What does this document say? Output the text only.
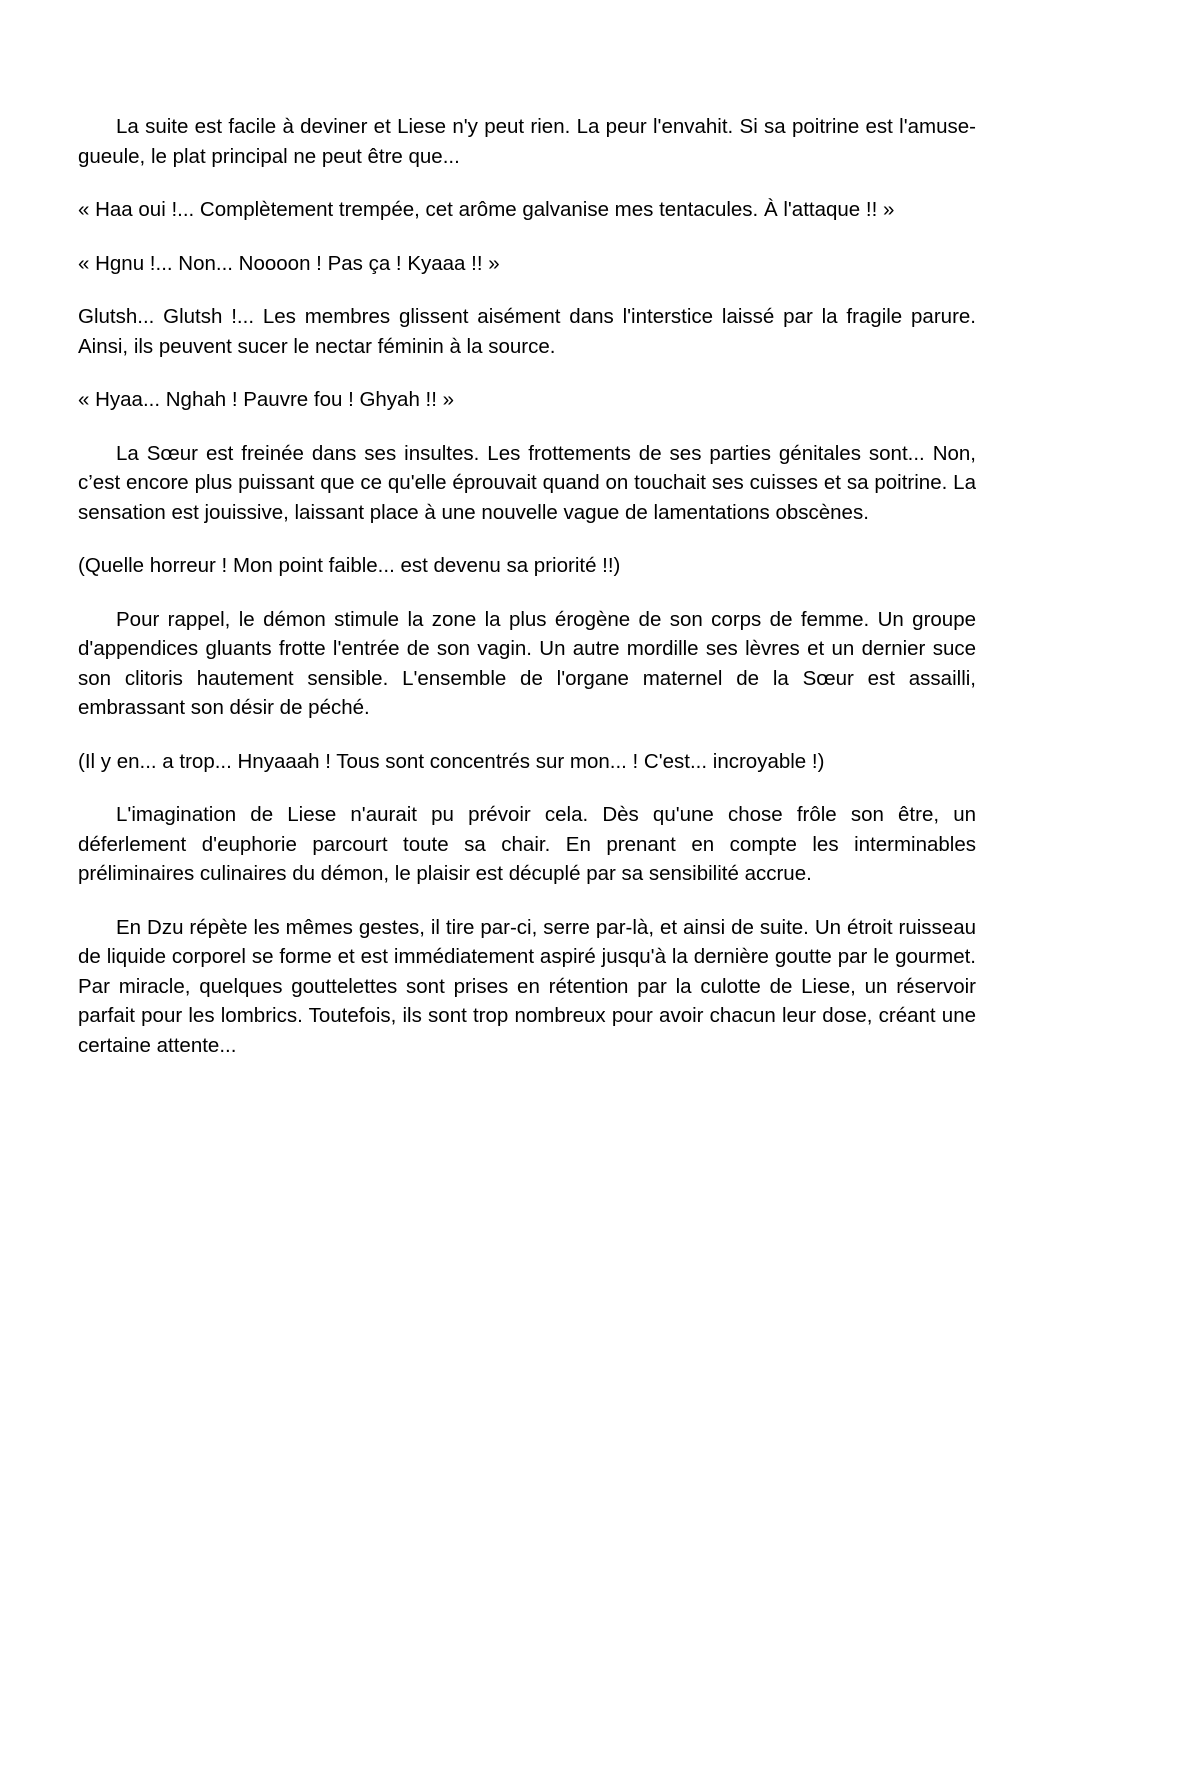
La suite est facile à deviner et Liese n'y peut rien. La peur l'envahit. Si sa poitrine est l'amuse-gueule, le plat principal ne peut être que...

« Haa oui !... Complètement trempée, cet arôme galvanise mes tentacules. À l'attaque !! »

« Hgnu !... Non... Noooon ! Pas ça ! Kyaaa !! »

Glutsh... Glutsh !... Les membres glissent aisément dans l'interstice laissé par la fragile parure. Ainsi, ils peuvent sucer le nectar féminin à la source.

« Hyaa... Nghah ! Pauvre fou ! Ghyah !! »

La Sœur est freinée dans ses insultes. Les frottements de ses parties génitales sont... Non, c’est encore plus puissant que ce qu'elle éprouvait quand on touchait ses cuisses et sa poitrine. La sensation est jouissive, laissant place à une nouvelle vague de lamentations obscènes.

(Quelle horreur ! Mon point faible... est devenu sa priorité !!)

Pour rappel, le démon stimule la zone la plus érogène de son corps de femme. Un groupe d'appendices gluants frotte l'entrée de son vagin. Un autre mordille ses lèvres et un dernier suce son clitoris hautement sensible. L'ensemble de l'organe maternel de la Sœur est assailli, embrassant son désir de péché.

(Il y en... a trop... Hnyaaah ! Tous sont concentrés sur mon... ! C'est... incroyable !)

L'imagination de Liese n'aurait pu prévoir cela. Dès qu'une chose frôle son être, un déferlement d'euphorie parcourt toute sa chair. En prenant en compte les interminables préliminaires culinaires du démon, le plaisir est décuplé par sa sensibilité accrue.

En Dzu répète les mêmes gestes, il tire par-ci, serre par-là, et ainsi de suite. Un étroit ruisseau de liquide corporel se forme et est immédiatement aspiré jusqu'à la dernière goutte par le gourmet. Par miracle, quelques gouttelettes sont prises en rétention par la culotte de Liese, un réservoir parfait pour les lombrics. Toutefois, ils sont trop nombreux pour avoir chacun leur dose, créant une certaine attente...
